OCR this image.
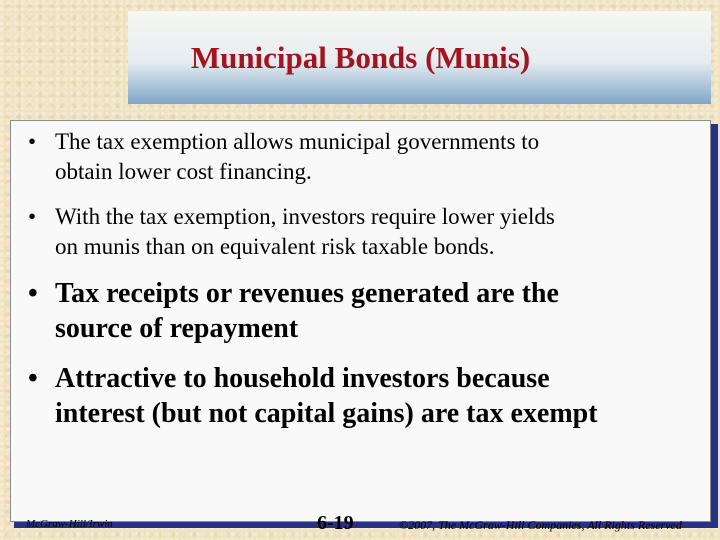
Municipal Bonds (Munis)
• The tax exemption allows municipal governments to
obtain lower cost financing.
• With the tax exemption, investors require lower yields
on munis than on equivalent risk taxable bonds.
• Tax receipts or revenues generated are the
source of repayment
• Attractive to household investors because
interest (but not capital gains) are tax exempt
McGraw-Hill/Irwin	6-19	©2007, The McGraw-Hill Companies, All Rights Reserved
